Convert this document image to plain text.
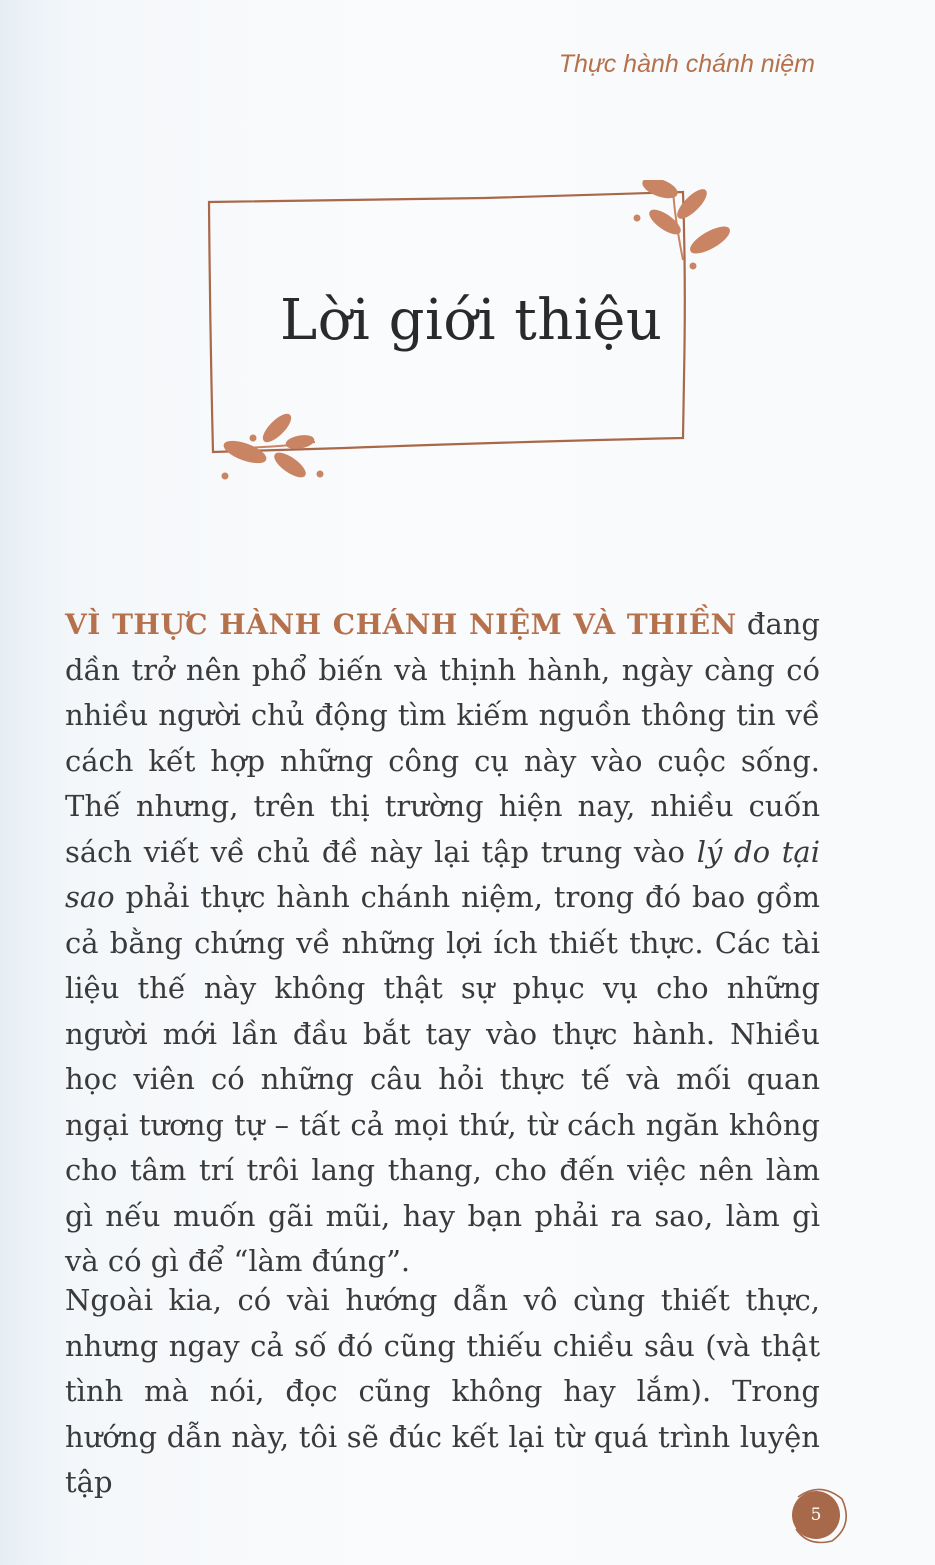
Thực hành chánh niệm
Lời giới thiệu

VÌ THỰC HÀNH CHÁNH NIỆM VÀ THIỀN đang dần trở nên phổ biến và thịnh hành, ngày càng có nhiều người chủ động tìm kiếm nguồn thông tin về cách kết hợp những công cụ này vào cuộc sống. Thế nhưng, trên thị trường hiện nay, nhiều cuốn sách viết về chủ đề này lại tập trung vào lý do tại sao phải thực hành chánh niệm, trong đó bao gồm cả bằng chứng về những lợi ích thiết thực. Các tài liệu thế này không thật sự phục vụ cho những người mới lần đầu bắt tay vào thực hành. Nhiều học viên có những câu hỏi thực tế và mối quan ngại tương tự – tất cả mọi thứ, từ cách ngăn không cho tâm trí trôi lang thang, cho đến việc nên làm gì nếu muốn gãi mũi, hay bạn phải ra sao, làm gì và có gì để “làm đúng”.

Ngoài kia, có vài hướng dẫn vô cùng thiết thực, nhưng ngay cả số đó cũng thiếu chiều sâu (và thật tình mà nói, đọc cũng không hay lắm). Trong hướng dẫn này, tôi sẽ đúc kết lại từ quá trình luyện tập

5
